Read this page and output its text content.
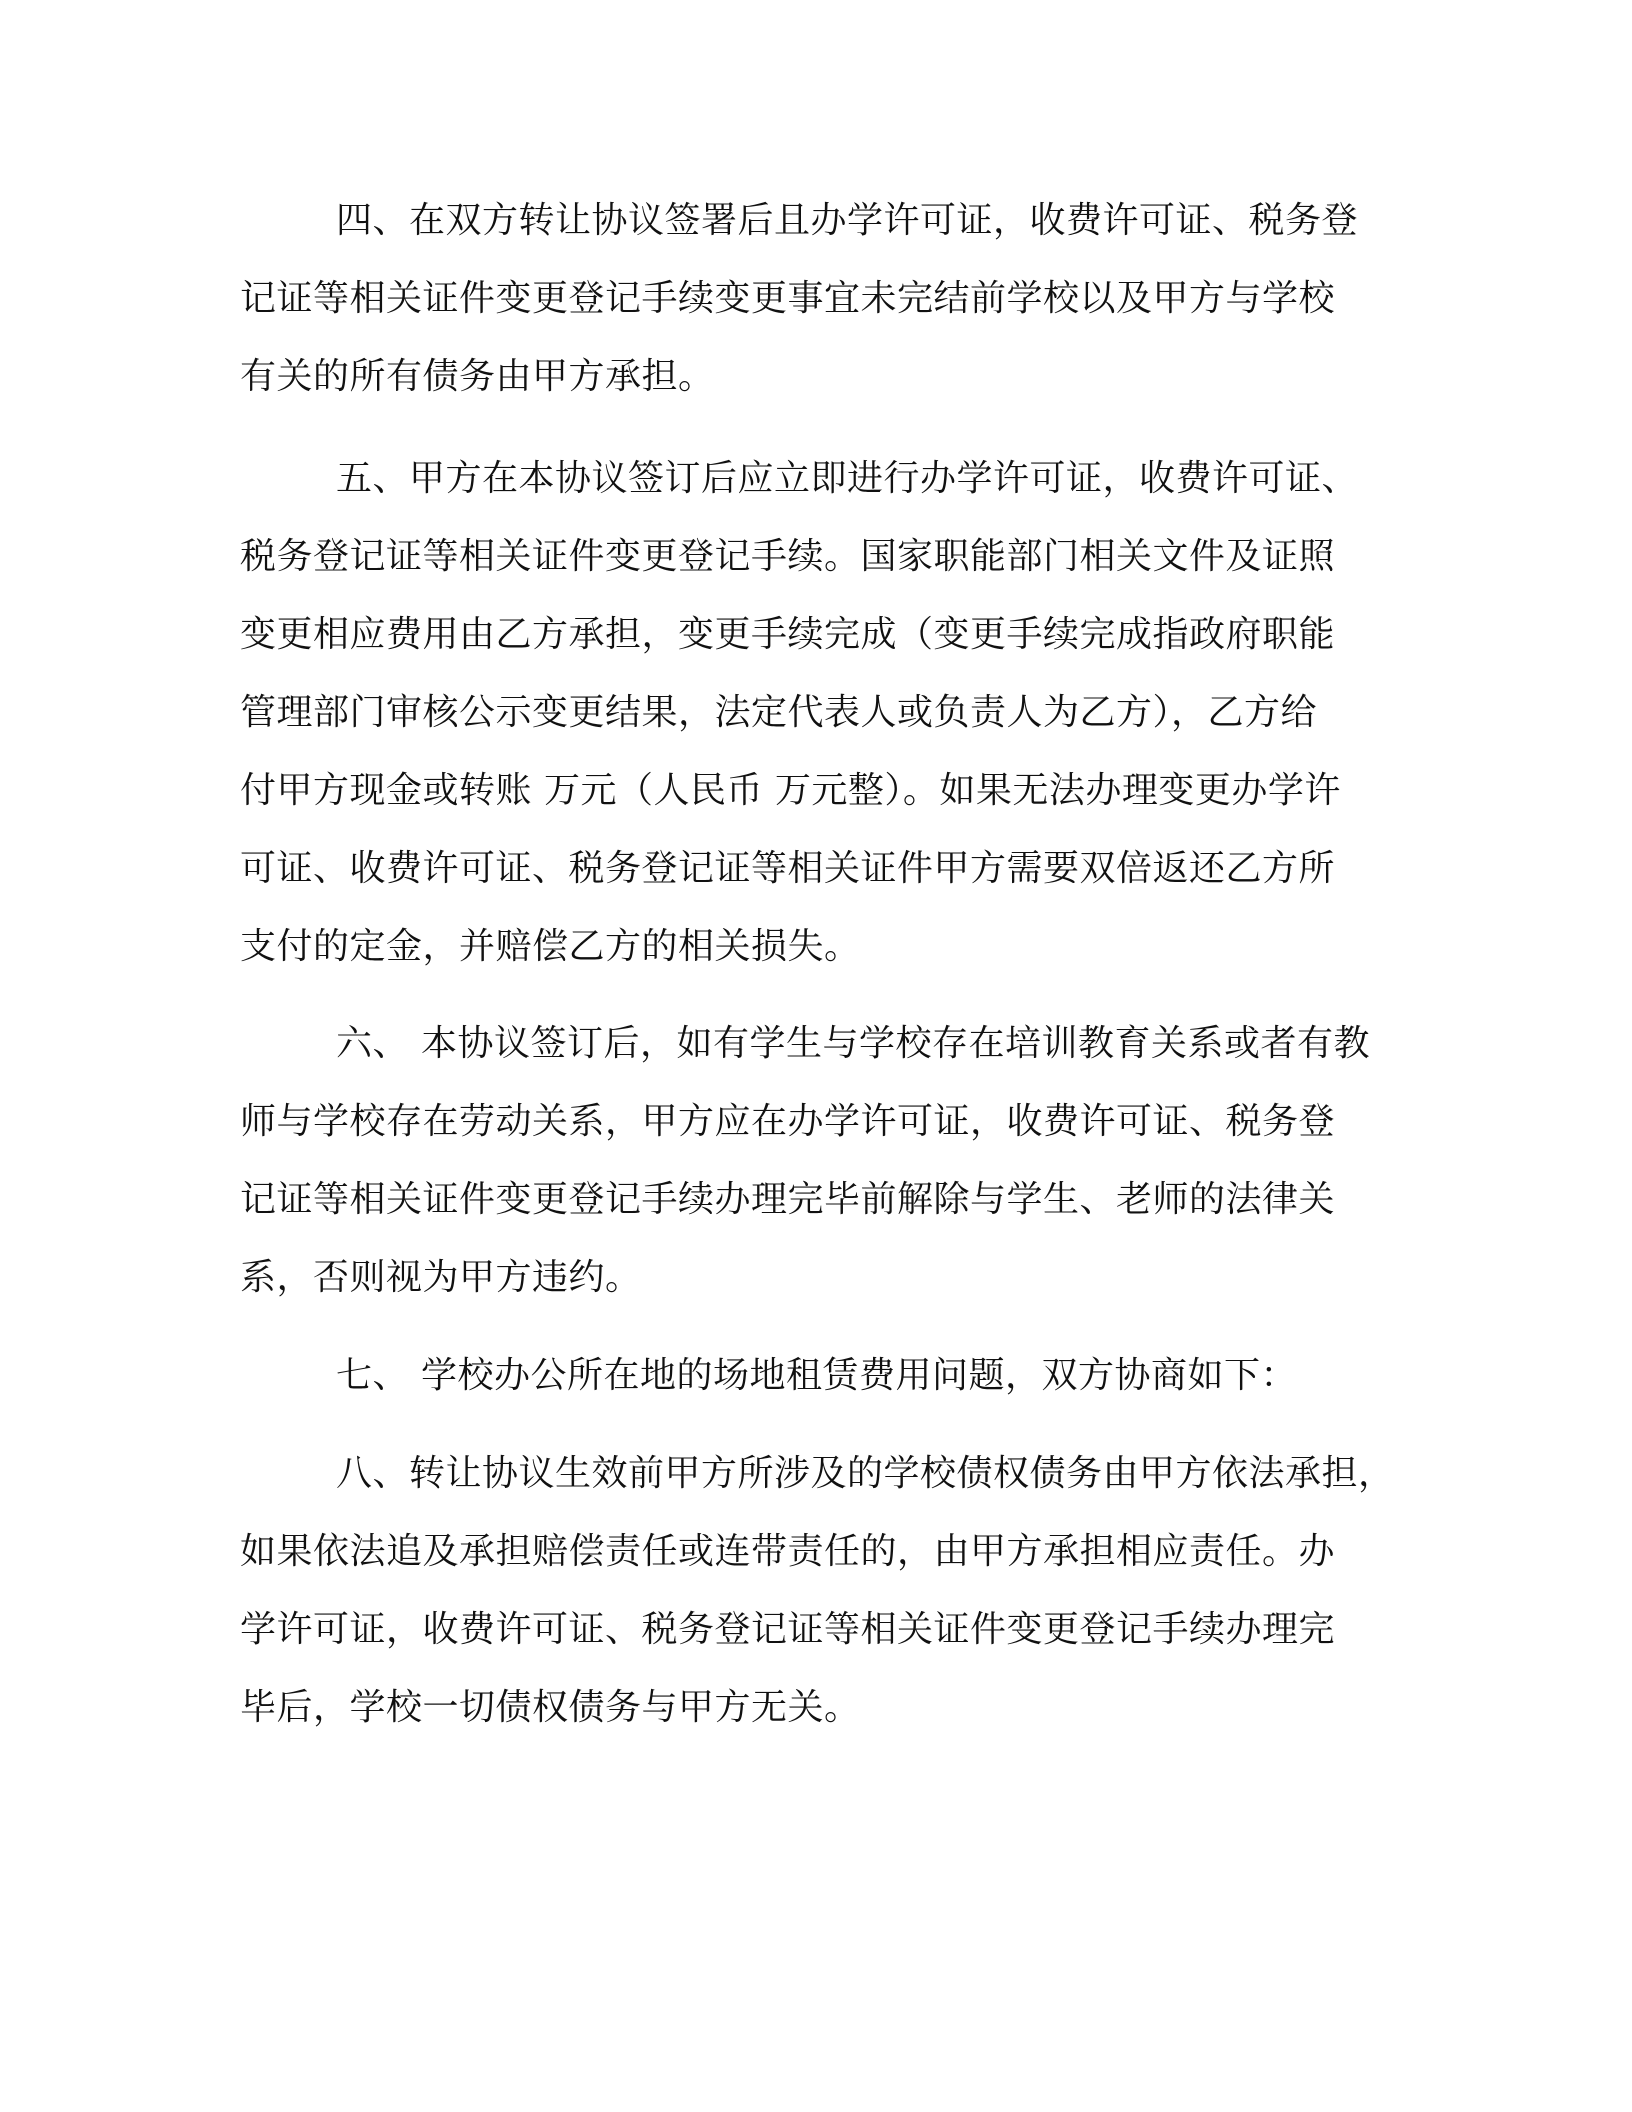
四、在双方转让协议签署后且办学许可证，收费许可证、税务登
记证等相关证件变更登记手续变更事宜未完结前学校以及甲方与学校
有关的所有债务由甲方承担。
五、甲方在本协议签订后应立即进行办学许可证，收费许可证、
税务登记证等相关证件变更登记手续。国家职能部门相关文件及证照
变更相应费用由乙方承担，变更手续完成（变更手续完成指政府职能
管理部门审核公示变更结果，法定代表人或负责人为乙方），乙方给
付甲方现金或转账 万元（人民币 万元整）。如果无法办理变更办学许
可证、收费许可证、税务登记证等相关证件甲方需要双倍返还乙方所
支付的定金，并赔偿乙方的相关损失。
六、 本协议签订后，如有学生与学校存在培训教育关系或者有教
师与学校存在劳动关系，甲方应在办学许可证，收费许可证、税务登
记证等相关证件变更登记手续办理完毕前解除与学生、老师的法律关
系，否则视为甲方违约。
七、 学校办公所在地的场地租赁费用问题，双方协商如下：
八、转让协议生效前甲方所涉及的学校债权债务由甲方依法承担，
如果依法追及承担赔偿责任或连带责任的，由甲方承担相应责任。办
学许可证，收费许可证、税务登记证等相关证件变更登记手续办理完
毕后，学校一切债权债务与甲方无关。
